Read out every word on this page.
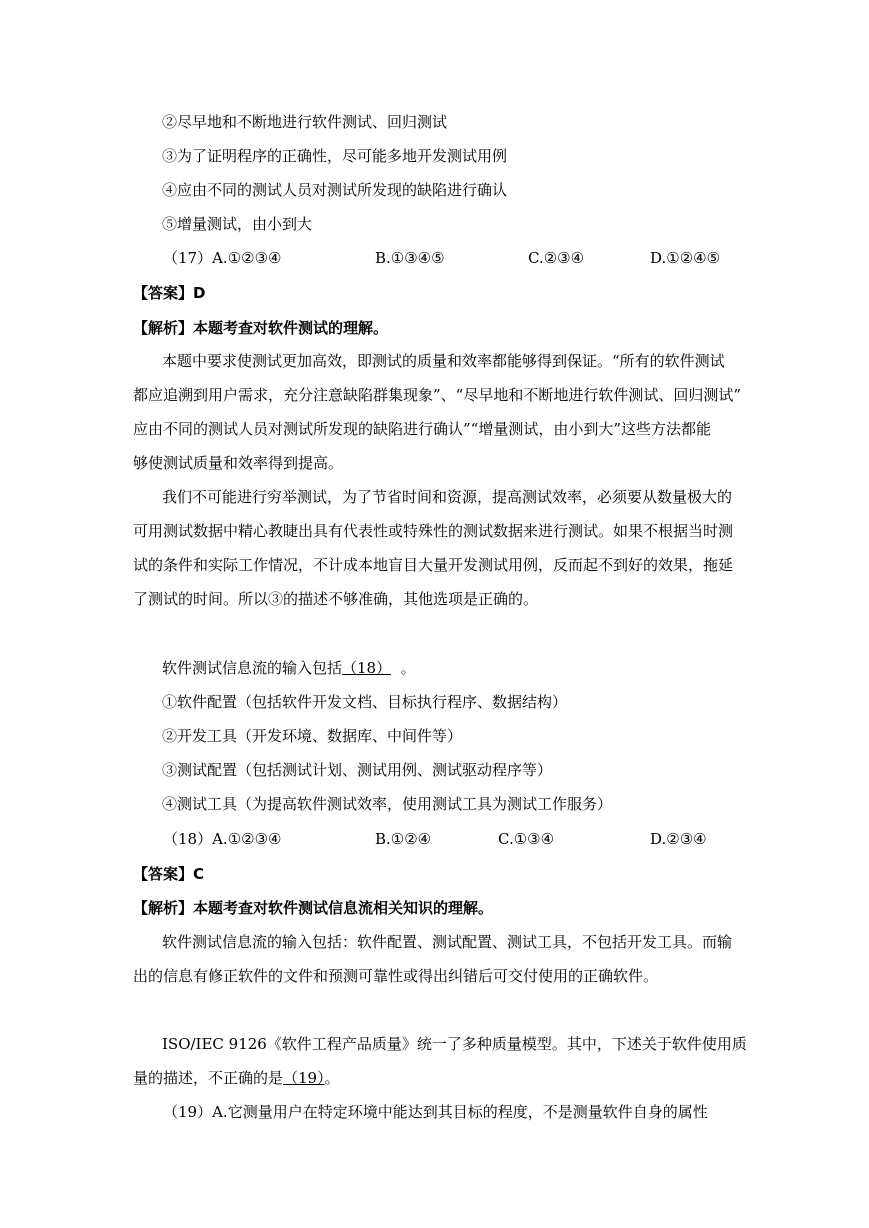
②尽早地和不断地进行软件测试、回归测试
③为了证明程序的正确性，尽可能多地开发测试用例
④应由不同的测试人员对测试所发现的缺陷进行确认
⑤增量测试，由小到大
（17）A.①②③④	B.①③④⑤	C.②③④	D.①②④⑤
【答案】D
【解析】本题考查对软件测试的理解。
本题中要求使测试更加高效，即测试的质量和效率都能够得到保证。“所有的软件测试
都应追溯到用户需求，充分注意缺陷群集现象”、“尽早地和不断地进行软件测试、回归测试”
应由不同的测试人员对测试所发现的缺陷进行确认”“增量测试，由小到大”这些方法都能
够使测试质量和效率得到提高。
我们不可能进行穷举测试，为了节省时间和资源，提高测试效率，必须要从数量极大的
可用测试数据中精心教睫出具有代表性或特殊性的测试数据来进行测试。如果不根据当时测
试的条件和实际工作情况，不计成本地盲目大量开发测试用例，反而起不到好的效果，拖延
了测试的时间。所以③的描述不够准确，其他选项是正确的。
软件测试信息流的输入包括（18） 。
①软件配置（包括软件开发文档、目标执行程序、数据结构）
②开发工具（开发环境、数据库、中间件等）
③测试配置（包括测试计划、测试用例、测试驱动程序等）
④测试工具（为提高软件测试效率，使用测试工具为测试工作服务）
（18）A.①②③④	B.①②④	C.①③④	D.②③④
【答案】C
【解析】本题考查对软件测试信息流相关知识的理解。
软件测试信息流的输入包括：软件配置、测试配置、测试工具，不包括开发工具。而输
出的信息有修正软件的文件和预测可靠性或得出纠错后可交付使用的正确软件。
ISO/IEC 9126《软件工程产品质量》统一了多种质量模型。其中，下述关于软件使用质
量的描述，不正确的是（19）。
（19）A.它测量用户在特定环境中能达到其目标的程度，不是测量软件自身的属性
